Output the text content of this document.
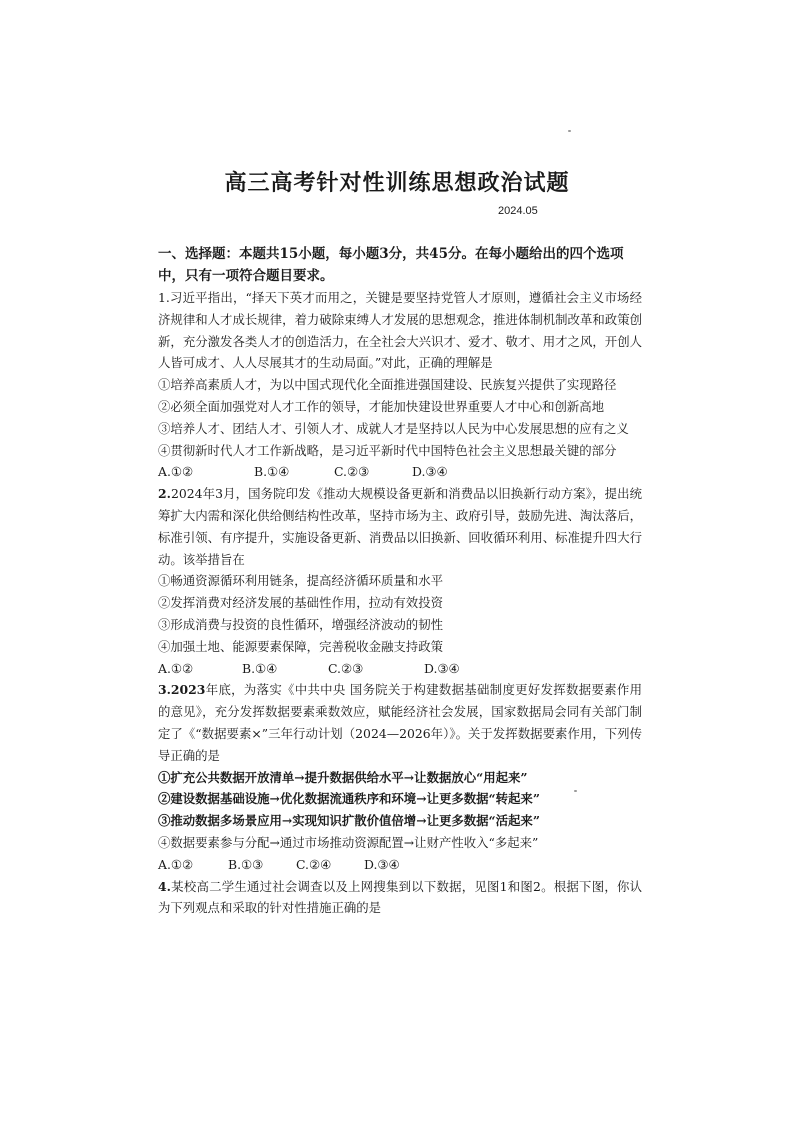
高三高考针对性训练思想政治试题
2024.05
一、选择题：本题共15小题，每小题3分，共45分。在每小题给出的四个选项中，只有一项符合题目要求。

1.习近平指出，“择天下英才而用之，关键是要坚持党管人才原则，遵循社会主义市场经济规律和人才成长规律，着力破除束缚人才发展的思想观念，推进体制机制改革和政策创新，充分激发各类人才的创造活力，在全社会大兴识才、爱才、敬才、用才之风，开创人人皆可成才、人人尽展其才的生动局面。”对此，正确的理解是

①培养高素质人才，为以中国式现代化全面推进强国建设、民族复兴提供了实现路径

②必须全面加强党对人才工作的领导，才能加快建设世界重要人才中心和创新高地

③培养人才、团结人才、引领人才、成就人才是坚持以人民为中心发展思想的应有之义

④贯彻新时代人才工作新战略，是习近平新时代中国特色社会主义思想最关键的部分

A.①②	B.①④	C.②③	D.③④

2.2024年3月，国务院印发《推动大规模设备更新和消费品以旧换新行动方案》，提出统筹扩大内需和深化供给侧结构性改革，坚持市场为主、政府引导，鼓励先进、淘汰落后，标准引领、有序提升，实施设备更新、消费品以旧换新、回收循环利用、标准提升四大行动。该举措旨在

①畅通资源循环利用链条，提高经济循环质量和水平

②发挥消费对经济发展的基础性作用，拉动有效投资

③形成消费与投资的良性循环，增强经济波动的韧性

④加强土地、能源要素保障，完善税收金融支持政策

A.①②	B.①④	C.②③	D.③④

3.2023年底，为落实《中共中央 国务院关于构建数据基础制度更好发挥数据要素作用的意见》，充分发挥数据要素乘数效应，赋能经济社会发展，国家数据局会同有关部门制定了《“数据要素×”三年行动计划（2024—2026年）》。关于发挥数据要素作用，下列传导正确的是

①扩充公共数据开放清单→提升数据供给水平→让数据放心“用起来”

②建设数据基础设施→优化数据流通秩序和环境→让更多数据“转起来”

③推动数据多场景应用→实现知识扩散价值倍增→让更多数据“活起来”

④数据要素参与分配→通过市场推动资源配置→让财产性收入“多起来”

A.①②	B.①③	C.②④	D.③④

4.某校高二学生通过社会调查以及上网搜集到以下数据，见图1和图2。根据下图，你认为下列观点和采取的针对性措施正确的是
